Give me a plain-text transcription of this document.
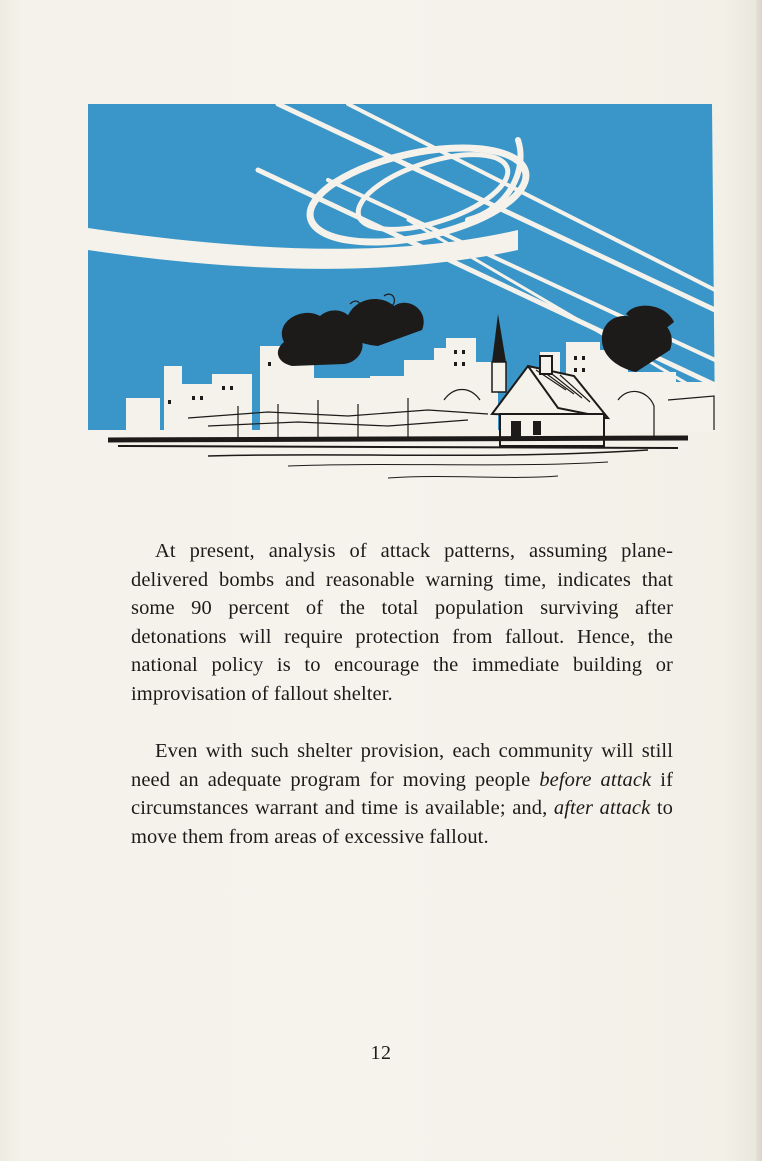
At present, analysis of attack patterns, assuming plane-delivered bombs and reasonable warning time, indicates that some 90 percent of the total population surviving after detonations will require protection from fallout. Hence, the national policy is to encourage the immediate building or improvisation of fallout shelter.

Even with such shelter provision, each community will still need an adequate program for moving people before attack if circumstances warrant and time is available; and, after attack to move them from areas of excessive fallout.

12
